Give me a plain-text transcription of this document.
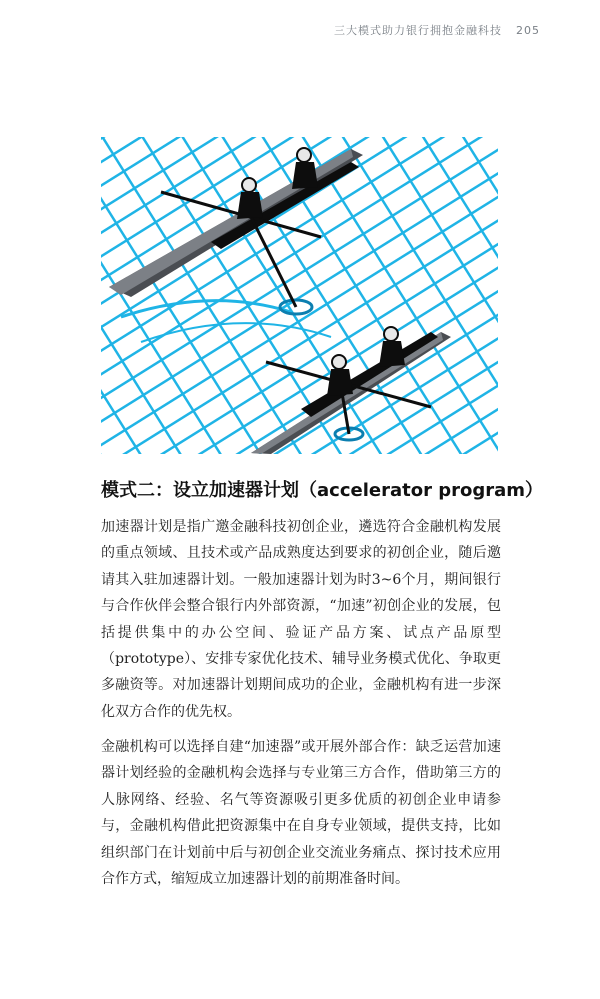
三大模式助力银行拥抱金融科技 205
模式二：设立加速器计划（accelerator program）

加速器计划是指广邀金融科技初创企业，遴选符合金融机构发展的重点领域、且技术或产品成熟度达到要求的初创企业，随后邀请其入驻加速器计划。一般加速器计划为时3~6个月，期间银行与合作伙伴会整合银行内外部资源，“加速”初创企业的发展，包括提供集中的办公空间、验证产品方案、试点产品原型（prototype）、安排专家优化技术、辅导业务模式优化、争取更多融资等。对加速器计划期间成功的企业，金融机构有进一步深化双方合作的优先权。

金融机构可以选择自建“加速器”或开展外部合作：缺乏运营加速器计划经验的金融机构会选择与专业第三方合作，借助第三方的人脉网络、经验、名气等资源吸引更多优质的初创企业申请参与，金融机构借此把资源集中在自身专业领域，提供支持，比如组织部门在计划前中后与初创企业交流业务痛点、探讨技术应用合作方式，缩短成立加速器计划的前期准备时间。
